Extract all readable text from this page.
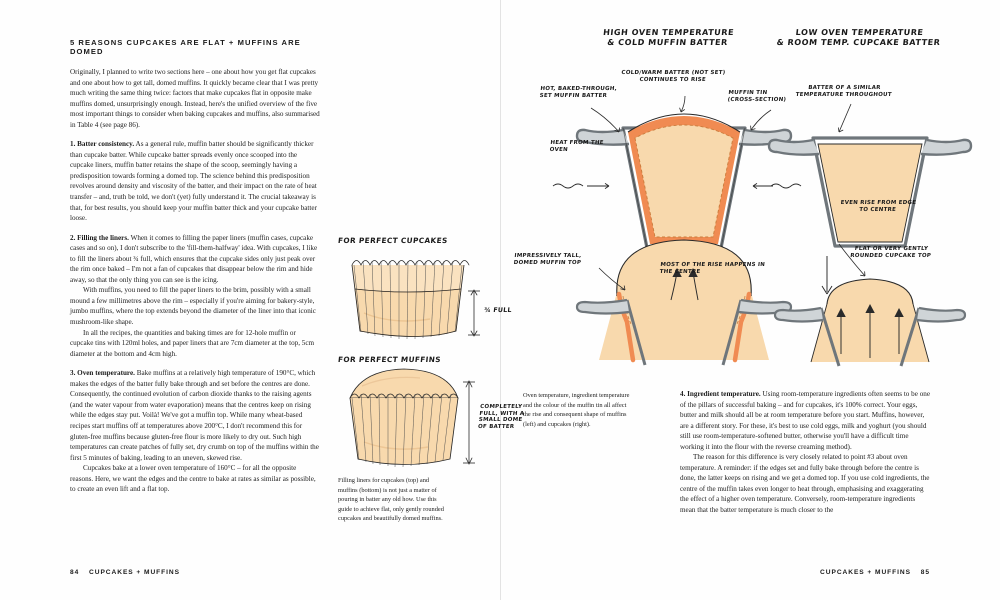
5 REASONS CUPCAKES ARE FLAT + MUFFINS ARE DOMED

Originally, I planned to write two sections here – one about how you get flat cupcakes and one about how to get tall, domed muffins. It quickly became clear that I was pretty much writing the same thing twice: factors that make cupcakes flat in opposite make muffins domed, unsurprisingly enough. Instead, here's the unified overview of the five most important things to consider when baking cupcakes and muffins, also summarised in Table 4 (see page 86).

1. Batter consistency. As a general rule, muffin batter should be significantly thicker than cupcake batter. While cupcake batter spreads evenly once scooped into the cupcake liners, muffin batter retains the shape of the scoop, seemingly having a predisposition towards forming a domed top. The science behind this predisposition revolves around density and viscosity of the batter, and their impact on the rate of heat transfer – and, truth be told, we don't (yet) fully understand it. The crucial takeaway is that, for best results, you should keep your muffin batter thick and your cupcake batter loose.

2. Filling the liners. When it comes to filling the paper liners (muffin cases, cupcake cases and so on), I don't subscribe to the 'fill-them-halfway' idea. With cupcakes, I like to fill the liners about ¾ full, which ensures that the cupcake sides only just peak over the rim once baked – I'm not a fan of cupcakes that disappear below the rim and hide away, so that the only thing you can see is the icing.

With muffins, you need to fill the paper liners to the brim, possibly with a small mound a few millimetres above the rim – especially if you're aiming for bakery-style, jumbo muffins, where the top extends beyond the diameter of the liner into that iconic mushroom-like shape.

In all the recipes, the quantities and baking times are for 12-hole muffin or cupcake tins with 120ml holes, and paper liners that are 7cm diameter at the top, 5cm diameter at the bottom and 4cm high.

3. Oven temperature. Bake muffins at a relatively high temperature of 190°C, which makes the edges of the batter fully bake through and set before the centres are done. Consequently, the continued evolution of carbon dioxide thanks to the raising agents (and the water vapour from water evaporation) means that the centres keep on rising while the edges stay put. Voilà! We've got a muffin top. While many wheat-based recipes start muffins off at temperatures above 200°C, I don't recommend this for gluten-free muffins because gluten-free flour is more likely to dry out. Such high temperatures can create patches of fully set, dry crumb on top of the muffins within the first 5 minutes of baking, leading to an uneven, skewed rise.

Cupcakes bake at a lower oven temperature of 160°C – for all the opposite reasons. Here, we want the edges and the centre to bake at rates as similar as possible, to create an even lift and a flat top.

FOR PERFECT CUPCAKES
¾ FULL
FOR PERFECT MUFFINS
COMPLETELY FULL, WITH A SMALL DOME OF BATTER
Filling liners for cupcakes (top) and muffins (bottom) is not just a matter of pouring in batter any old how. Use this guide to achieve flat, only gently rounded cupcakes and beautifully domed muffins.
84 CUPCAKES + MUFFINS
HIGH OVEN TEMPERATURE
& COLD MUFFIN BATTER
LOW OVEN TEMPERATURE
& ROOM TEMP. CUPCAKE BATTER
HOT, BAKED-THROUGH, SET MUFFIN BATTER
COLD/WARM BATTER (NOT SET) CONTINUES TO RISE
MUFFIN TIN (CROSS-SECTION)
HEAT FROM THE OVEN
MOST OF THE RISE HAPPENS IN THE CENTRE
IMPRESSIVELY TALL, DOMED MUFFIN TOP
BATTER OF A SIMILAR TEMPERATURE THROUGHOUT
EVEN RISE FROM EDGE TO CENTRE
FLAT OR VERY GENTLY ROUNDED CUPCAKE TOP
Oven temperature, ingredient temperature and the colour of the muffin tin all affect the rise and consequent shape of muffins (left) and cupcakes (right).

4. Ingredient temperature. Using room-temperature ingredients often seems to be one of the pillars of successful baking – and for cupcakes, it's 100% correct. Your eggs, butter and milk should all be at room temperature before you start. Muffins, however, are a different story. For these, it's best to use cold eggs, milk and yoghurt (you should still use room-temperature-softened butter, otherwise you'll have a difficult time working it into the flour with the reverse creaming method).

The reason for this difference is very closely related to point #3 about oven temperature. A reminder: if the edges set and fully bake through before the centre is done, the latter keeps on rising and we get a domed top. If you use cold ingredients, the centre of the muffin takes even longer to heat through, emphasising and exaggerating the effect of a higher oven temperature. Conversely, room-temperature ingredients mean that the batter temperature is much closer to the

CUPCAKES + MUFFINS 85
